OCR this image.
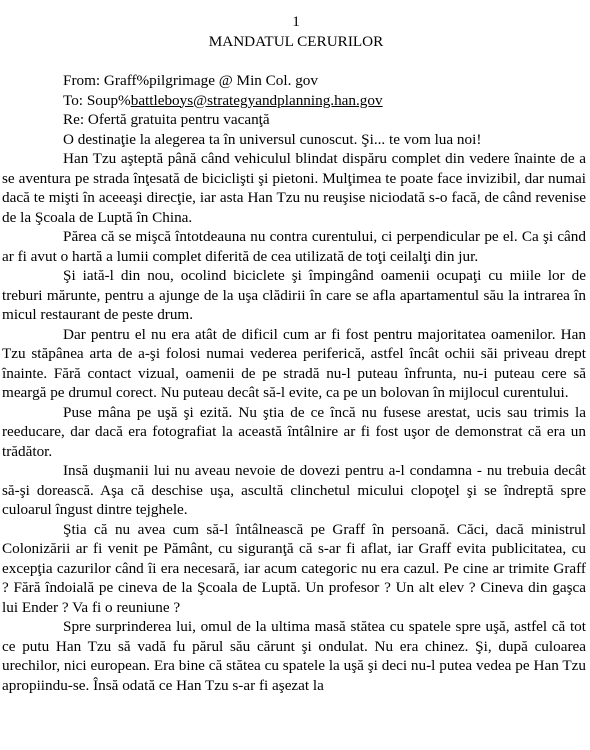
1

MANDATUL CERURILOR

From: Graff%pilgrimage @ Min Col. gov

To: Soup%battleboys@strategyandplanning.han.gov

Re: Ofertă gratuita pentru vacanţă

O destinaţie la alegerea ta în universul cunoscut. Şi... te vom lua noi!

Han Tzu aşteptă până când vehiculul blindat dispăru complet din vedere înainte de a se aventura pe strada înţesată de biciclişti şi pietoni. Mulţimea te poate face invizibil, dar numai dacă te mişti în aceeaşi direcţie, iar asta Han Tzu nu reuşise niciodată s-o facă, de când revenise de la Şcoala de Luptă în China.

Părea că se mişcă întotdeauna nu contra curentului, ci perpendicular pe el. Ca şi când ar fi avut o hartă a lumii complet diferită de cea utilizată de toţi ceilalţi din jur.

Şi iată-l din nou, ocolind biciclete şi împingând oamenii ocupaţi cu miile lor de treburi mărunte, pentru a ajunge de la uşa clădirii în care se afla apartamentul său la intrarea în micul restaurant de peste drum.

Dar pentru el nu era atât de dificil cum ar fi fost pentru majoritatea oamenilor. Han Tzu stăpânea arta de a-şi folosi numai vederea periferică, astfel încât ochii săi priveau drept înainte. Fără contact vizual, oamenii de pe stradă nu-l puteau înfrunta, nu-i puteau cere să meargă pe drumul corect. Nu puteau decât să-l evite, ca pe un bolovan în mijlocul curentului.

Puse mâna pe uşă şi ezită. Nu ştia de ce încă nu fusese arestat, ucis sau trimis la reeducare, dar dacă era fotografiat la această întâlnire ar fi fost uşor de demonstrat că era un trădător.

Insă duşmanii lui nu aveau nevoie de dovezi pentru a-l condamna - nu trebuia decât să-şi dorească. Aşa că deschise uşa, ascultă clinchetul micului clopoţel şi se îndreptă spre culoarul îngust dintre tejghele.

Ştia că nu avea cum să-l întâlnească pe Graff în persoană. Căci, dacă ministrul Colonizării ar fi venit pe Pământ, cu siguranţă că s-ar fi aflat, iar Graff evita publicitatea, cu excepţia cazurilor când îi era necesară, iar acum categoric nu era cazul. Pe cine ar trimite Graff ? Fără îndoială pe cineva de la Şcoala de Luptă. Un profesor ? Un alt elev ? Cineva din gaşca lui Ender ? Va fi o reuniune ?

Spre surprinderea lui, omul de la ultima masă stătea cu spatele spre uşă, astfel că tot ce putu Han Tzu să vadă fu părul său cărunt şi ondulat. Nu era chinez. Şi, după culoarea urechilor, nici european. Era bine că stătea cu spatele la uşă şi deci nu-l putea vedea pe Han Tzu apropiindu-se. Însă odată ce Han Tzu s-ar fi aşezat la
